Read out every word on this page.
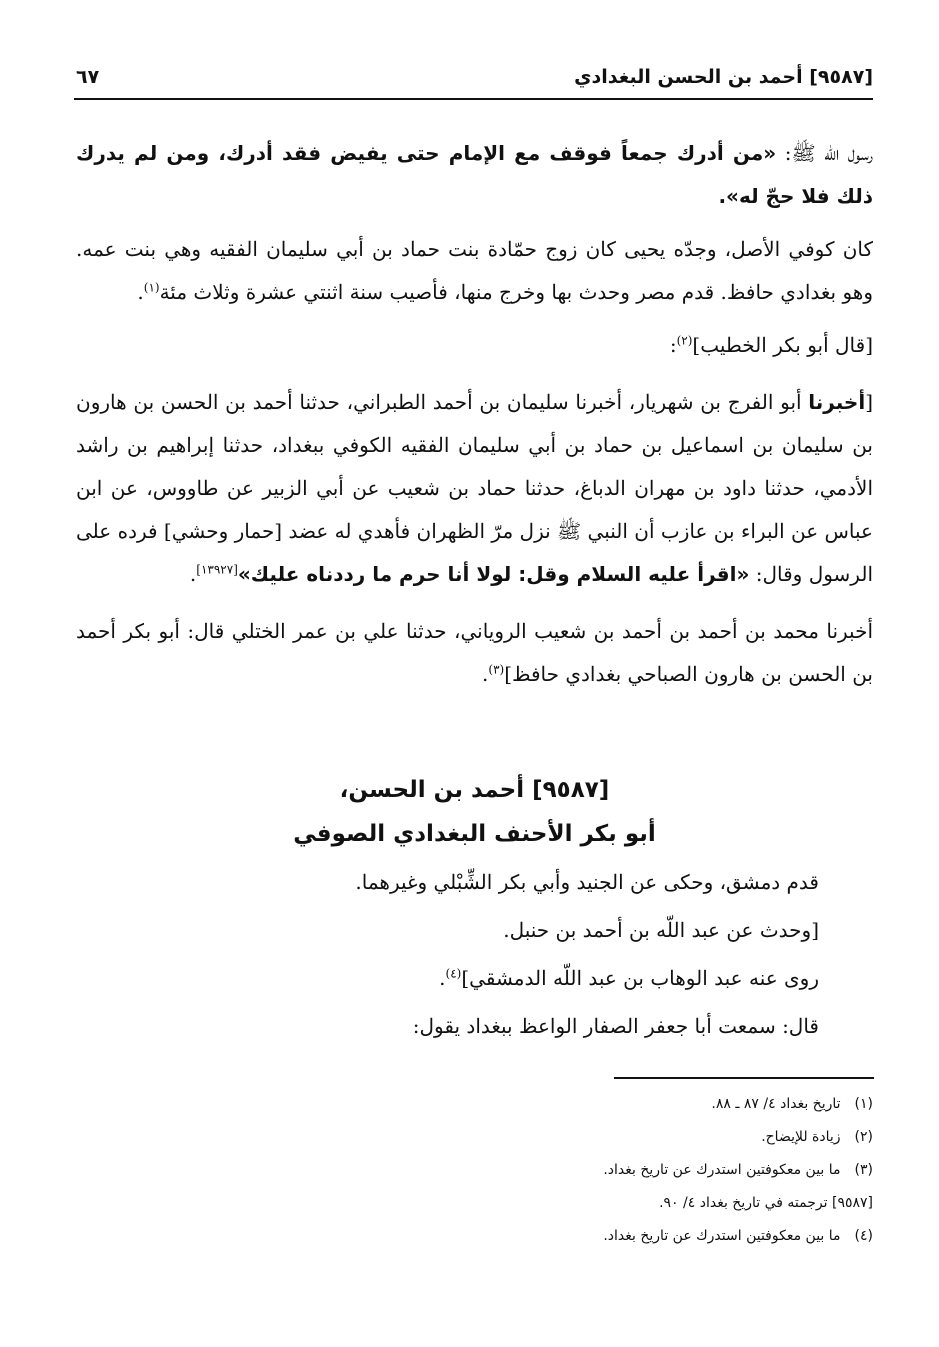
[٩٥٨٧] أحمد بن الحسن البغدادي
٦٧

رسول الله ﷺ: «من أدرك جمعاً فوقف مع الإمام حتى يفيض فقد أدرك، ومن لم يدرك ذلك فلا حجّ له».

كان كوفي الأصل، وجدّه يحيى كان زوج حمّادة بنت حماد بن أبي سليمان الفقيه وهي بنت عمه. وهو بغدادي حافظ. قدم مصر وحدث بها وخرج منها، فأصيب سنة اثنتي عشرة وثلاث مئة$^{(١)}$.

[قال أبو بكر الخطيب]$^{(٢)}$:

[أخبرنا أبو الفرج بن شهريار، أخبرنا سليمان بن أحمد الطبراني، حدثنا أحمد بن الحسن بن هارون بن سليمان بن اسماعيل بن حماد بن أبي سليمان الفقيه الكوفي ببغداد، حدثنا إبراهيم بن راشد الأدمي، حدثنا داود بن مهران الدباغ، حدثنا حماد بن شعيب عن أبي الزبير عن طاووس، عن ابن عباس عن البراء بن عازب أن النبي ﷺ نزل مرّ الظهران فأهدي له عضد [حمار وحشي] فرده على الرسول وقال: «اقرأ عليه السلام وقل: لولا أنا حرم ما رددناه عليك»[١٣٩٢٧].

أخبرنا محمد بن أحمد بن أحمد بن شعيب الروياني، حدثنا علي بن عمر الختلي قال: أبو بكر أحمد بن الحسن بن هارون الصباحي بغدادي حافظ]$^{(٣)}$.

[٩٥٨٧] أحمد بن الحسن،
أبو بكر الأحنف البغدادي الصوفي

قدم دمشق، وحكى عن الجنيد وأبي بكر الشِّبْلي وغيرهما.

[وحدث عن عبد اللّه بن أحمد بن حنبل.

روى عنه عبد الوهاب بن عبد اللّه الدمشقي]$^{(٤)}$.

قال: سمعت أبا جعفر الصفار الواعظ ببغداد يقول:

(١) تاريخ بغداد ٤/ ٨٧ ـ ٨٨.
(٢) زيادة للإيضاح.
(٣) ما بين معكوفتين استدرك عن تاريخ بغداد.
[٩٥٨٧] ترجمته في تاريخ بغداد ٤/ ٩٠.
(٤) ما بين معكوفتين استدرك عن تاريخ بغداد.
